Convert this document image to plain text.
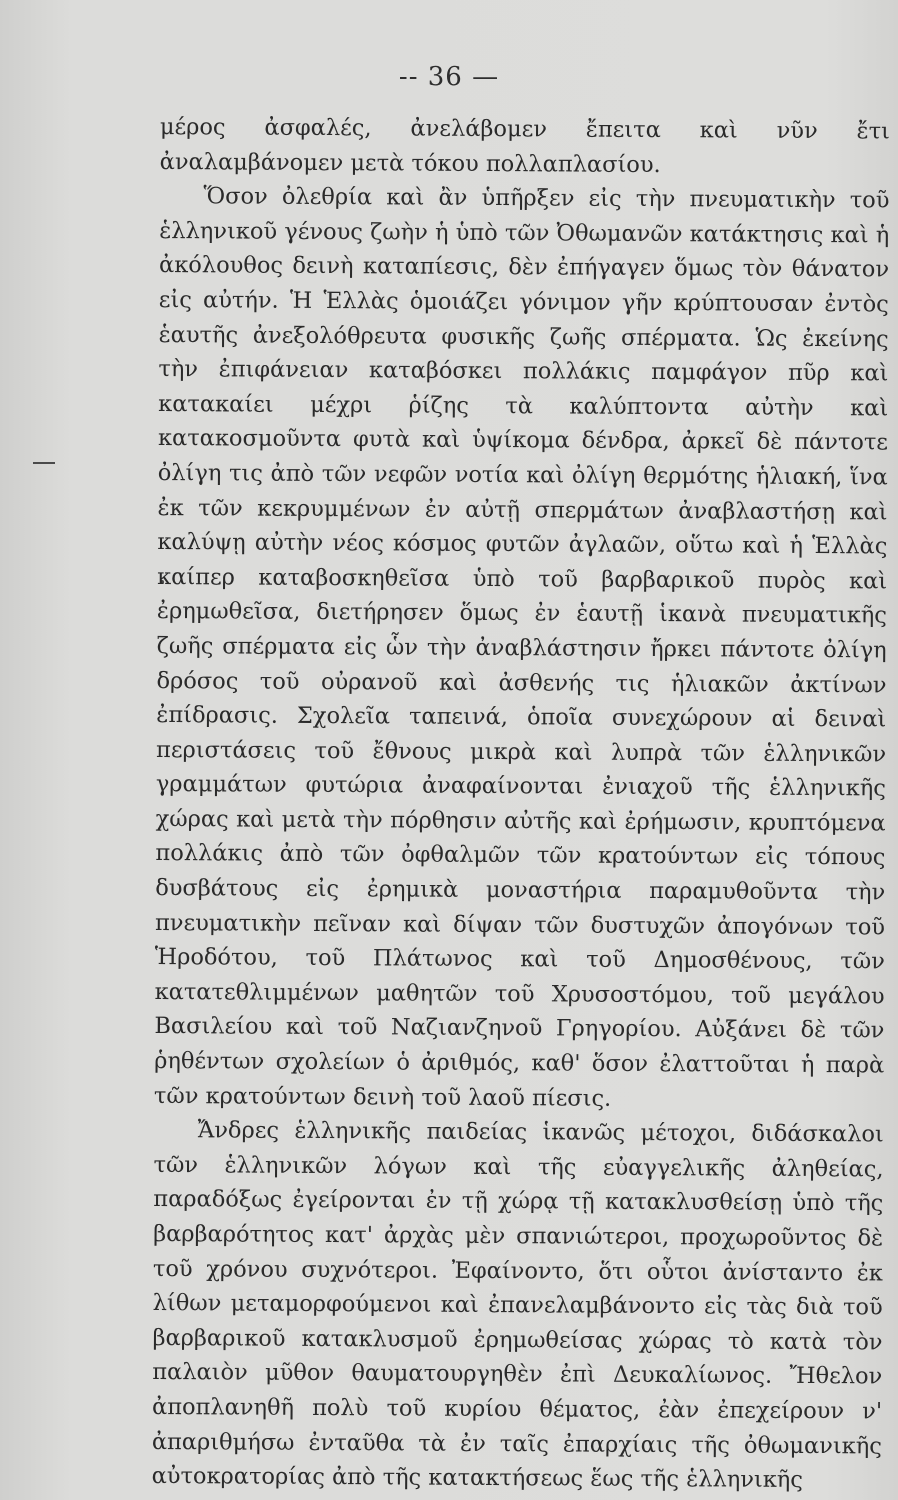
-- 36 —

μέρος ἀσφαλές, ἀνελάβομεν ἔπειτα καὶ νῦν ἔτι ἀναλαμβάνομεν μετὰ τόκου πολλαπλασίου.

Ὅσον ὀλεθρία καὶ ἂν ὑπῆρξεν εἰς τὴν πνευματικὴν τοῦ ἑλληνικοῦ γένους ζωὴν ἡ ὑπὸ τῶν Ὀθωμανῶν κατάκτησις καὶ ἡ ἀκόλουθος δεινὴ καταπίεσις, δὲν ἐπήγαγεν ὅμως τὸν θάνατον εἰς αὐτήν. Ἡ Ἑλλὰς ὁμοιάζει γόνιμον γῆν κρύπτουσαν ἐντὸς ἑαυτῆς ἀνεξολόθρευτα φυσικῆς ζωῆς σπέρματα. Ὡς ἐκείνης τὴν ἐπιφάνειαν καταβόσκει πολλάκις παμφάγον πῦρ καὶ κατακαίει μέχρι ῥίζης τὰ καλύπτοντα αὐτὴν καὶ κατακοσμοῦντα φυτὰ καὶ ὑψίκομα δένδρα, ἀρκεῖ δὲ πάντοτε ὀλίγη τις ἀπὸ τῶν νεφῶν νοτία καὶ ὀλίγη θερμότης ἡλιακή, ἵνα ἐκ τῶν κεκρυμμένων ἐν αὐτῇ σπερμάτων ἀναβλαστήσῃ καὶ καλύψῃ αὐτὴν νέος κόσμος φυτῶν ἀγλαῶν, οὕτω καὶ ἡ Ἑλλὰς καίπερ καταβοσκηθεῖσα ὑπὸ τοῦ βαρβαρικοῦ πυρὸς καὶ ἐρημωθεῖσα, διετήρησεν ὅμως ἐν ἑαυτῇ ἱκανὰ πνευματικῆς ζωῆς σπέρματα εἰς ὧν τὴν ἀναβλάστησιν ἤρκει πάντοτε ὀλίγη δρόσος τοῦ οὐρανοῦ καὶ ἀσθενής τις ἡλιακῶν ἀκτίνων ἐπίδρασις. Σχολεῖα ταπεινά, ὁποῖα συνεχώρουν αἱ δειναὶ περιστάσεις τοῦ ἔθνους μικρὰ καὶ λυπρὰ τῶν ἑλληνικῶν γραμμάτων φυτώρια ἀναφαίνονται ἐνιαχοῦ τῆς ἑλληνικῆς χώρας καὶ μετὰ τὴν πόρθησιν αὐτῆς καὶ ἐρήμωσιν, κρυπτόμενα πολλάκις ἀπὸ τῶν ὀφθαλμῶν τῶν κρατούντων εἰς τόπους δυσβάτους εἰς ἐρημικὰ μοναστήρια παραμυθοῦντα τὴν πνευματικὴν πεῖναν καὶ δίψαν τῶν δυστυχῶν ἀπογόνων τοῦ Ἡροδότου, τοῦ Πλάτωνος καὶ τοῦ Δημοσθένους, τῶν κατατεθλιμμένων μαθητῶν τοῦ Χρυσοστόμου, τοῦ μεγάλου Βασιλείου καὶ τοῦ Ναζιανζηνοῦ Γρηγορίου. Αὐξάνει δὲ τῶν ῥηθέντων σχολείων ὁ ἀριθμός, καθ' ὅσον ἐλαττοῦται ἡ παρὰ τῶν κρατούντων δεινὴ τοῦ λαοῦ πίεσις.

Ἄνδρες ἑλληνικῆς παιδείας ἱκανῶς μέτοχοι, διδάσκαλοι τῶν ἑλληνικῶν λόγων καὶ τῆς εὐαγγελικῆς ἀληθείας, παραδόξως ἐγείρονται ἐν τῇ χώρᾳ τῇ κατακλυσθείσῃ ὑπὸ τῆς βαρβαρότητος κατ' ἀρχὰς μὲν σπανιώτεροι, προχωροῦντος δὲ τοῦ χρόνου συχνότεροι. Ἐφαίνοντο, ὅτι οὗτοι ἀνίσταντο ἐκ λίθων μεταμορφούμενοι καὶ ἐπανελαμβάνοντο εἰς τὰς διὰ τοῦ βαρβαρικοῦ κατακλυσμοῦ ἐρημωθείσας χώρας τὸ κατὰ τὸν παλαιὸν μῦθον θαυματουργηθὲν ἐπὶ Δευκαλίωνος. Ἤθελον ἀποπλανηθῆ πολὺ τοῦ κυρίου θέματος, ἐὰν ἐπεχείρουν ν' ἀπαριθμήσω ἐνταῦθα τὰ ἐν ταῖς ἐπαρχίαις τῆς ὀθωμανικῆς αὐτοκρατορίας ἀπὸ τῆς κατακτήσεως ἕως τῆς ἑλληνικῆς
